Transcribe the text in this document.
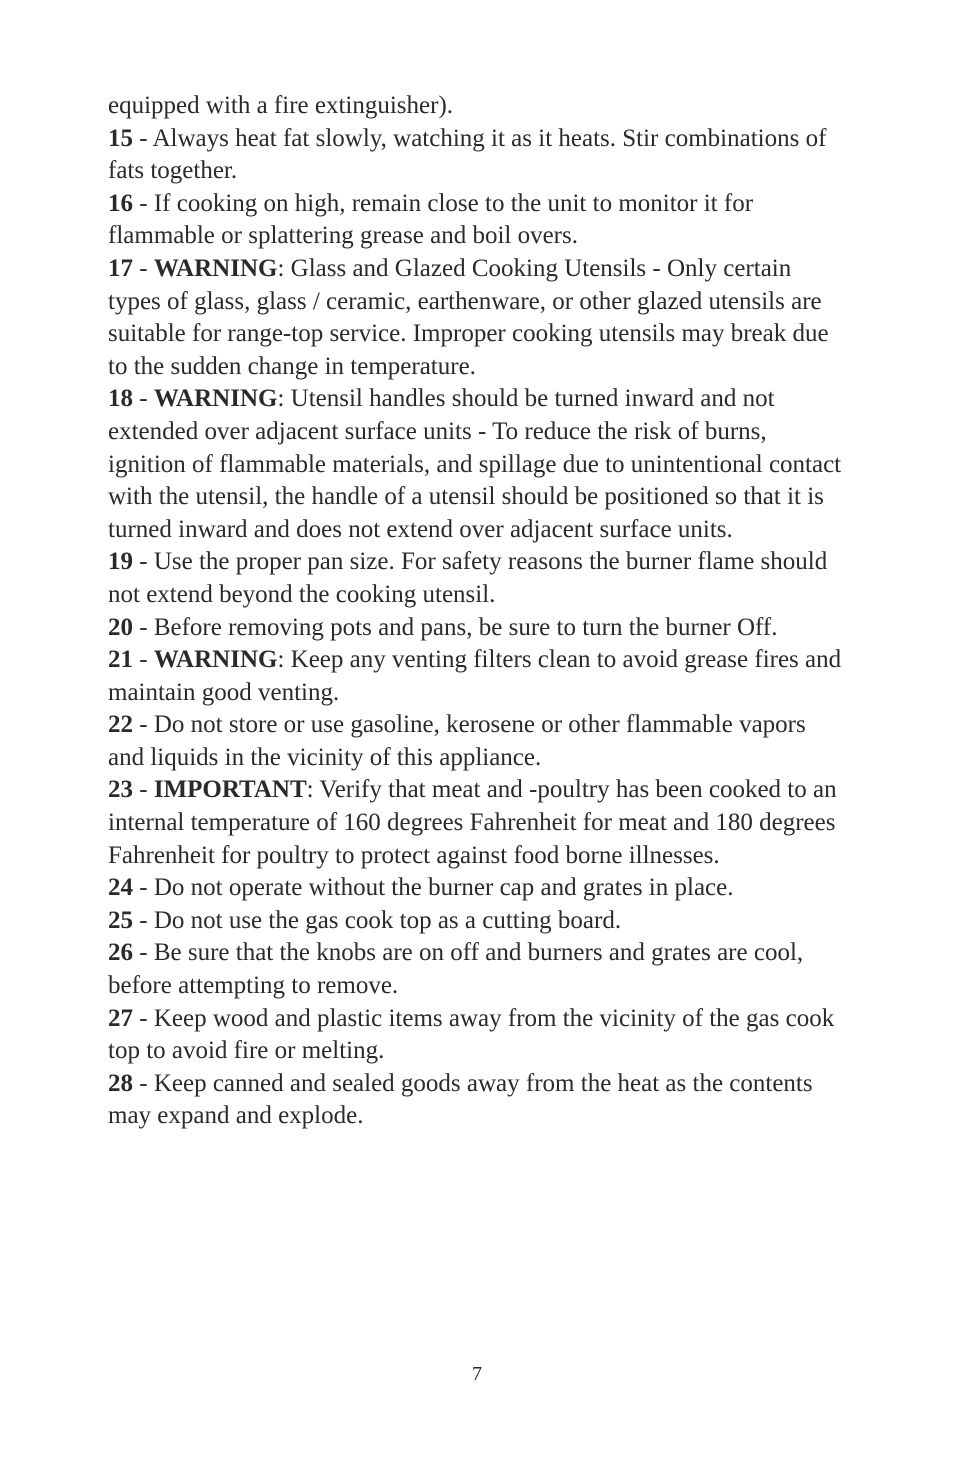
equipped with a fire extinguisher).

15 - Always heat fat slowly, watching it as it heats. Stir combinations of fats together.

16 - If cooking on high, remain close to the unit to monitor it for flammable or splattering grease and boil overs.

17 - WARNING: Glass and Glazed Cooking Utensils - Only certain types of glass, glass / ceramic, earthenware, or other glazed utensils are suitable for range-top service. Improper cooking utensils may break due to the sudden change in temperature.

18 - WARNING: Utensil handles should be turned inward and not extended over adjacent surface units - To reduce the risk of burns, ignition of flammable materials, and spillage due to unintentional contact with the utensil, the handle of a utensil should be positioned so that it is turned inward and does not extend over adjacent surface units.

19 - Use the proper pan size. For safety reasons the burner flame should not extend beyond the cooking utensil.

20 - Before removing pots and pans, be sure to turn the burner Off.

21 - WARNING: Keep any venting filters clean to avoid grease fires and maintain good venting.

22 - Do not store or use gasoline, kerosene or other flammable vapors and liquids in the vicinity of this appliance.

23 - IMPORTANT: Verify that meat and -poultry has been cooked to an internal temperature of 160 degrees Fahrenheit for meat and 180 degrees Fahrenheit for poultry to protect against food borne illnesses.

24 - Do not operate without the burner cap and grates in place.

25 - Do not use the gas cook top as a cutting board.

26 - Be sure that the knobs are on off and burners and grates are cool, before attempting to remove.

27 - Keep wood and plastic items away from the vicinity of the gas cook top to avoid fire or melting.

28 - Keep canned and sealed goods away from the heat as the contents may expand and explode.

7
